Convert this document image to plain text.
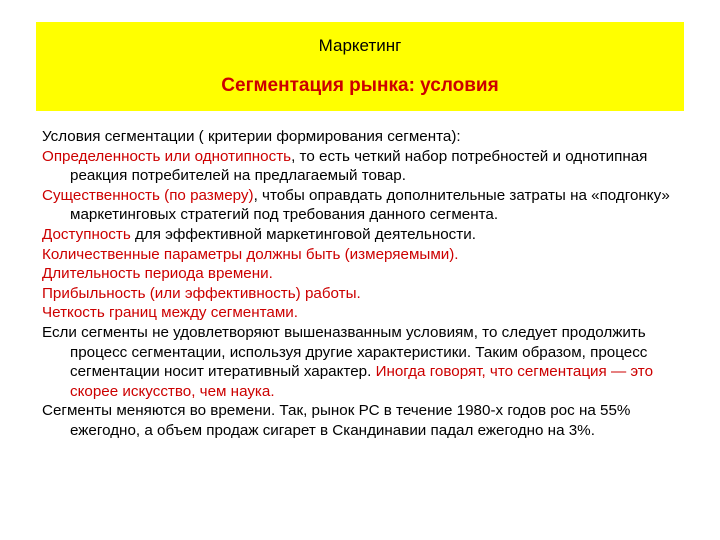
Маркетинг
Сегментация рынка: условия

Условия сегментации ( критерии формирования сегмента):

Определенность или однотипность, то есть четкий набор потребностей и однотипная реакция потребителей на предлагаемый товар.

Существенность (по размеру), чтобы оправдать дополнительные затраты на «подгонку» маркетинговых стратегий под требования данного сегмента.

Доступность для эффективной маркетинговой деятельности.

Количественные параметры должны быть (измеряемыми).

Длительность периода времени.

Прибыльность (или эффективность) работы.

Четкость границ между сегментами.

Если сегменты не удовлетворяют вышеназванным условиям, то следует продолжить процесс сегментации, используя другие характеристики. Таким образом, процесс сегментации носит итеративный характер. Иногда говорят, что сегментация — это скорее искусство, чем наука.

Сегменты меняются во времени. Так, рынок РС в течение 1980-х годов рос на 55% ежегодно, а объем продаж сигарет в Скандинавии падал ежегодно на 3%.
